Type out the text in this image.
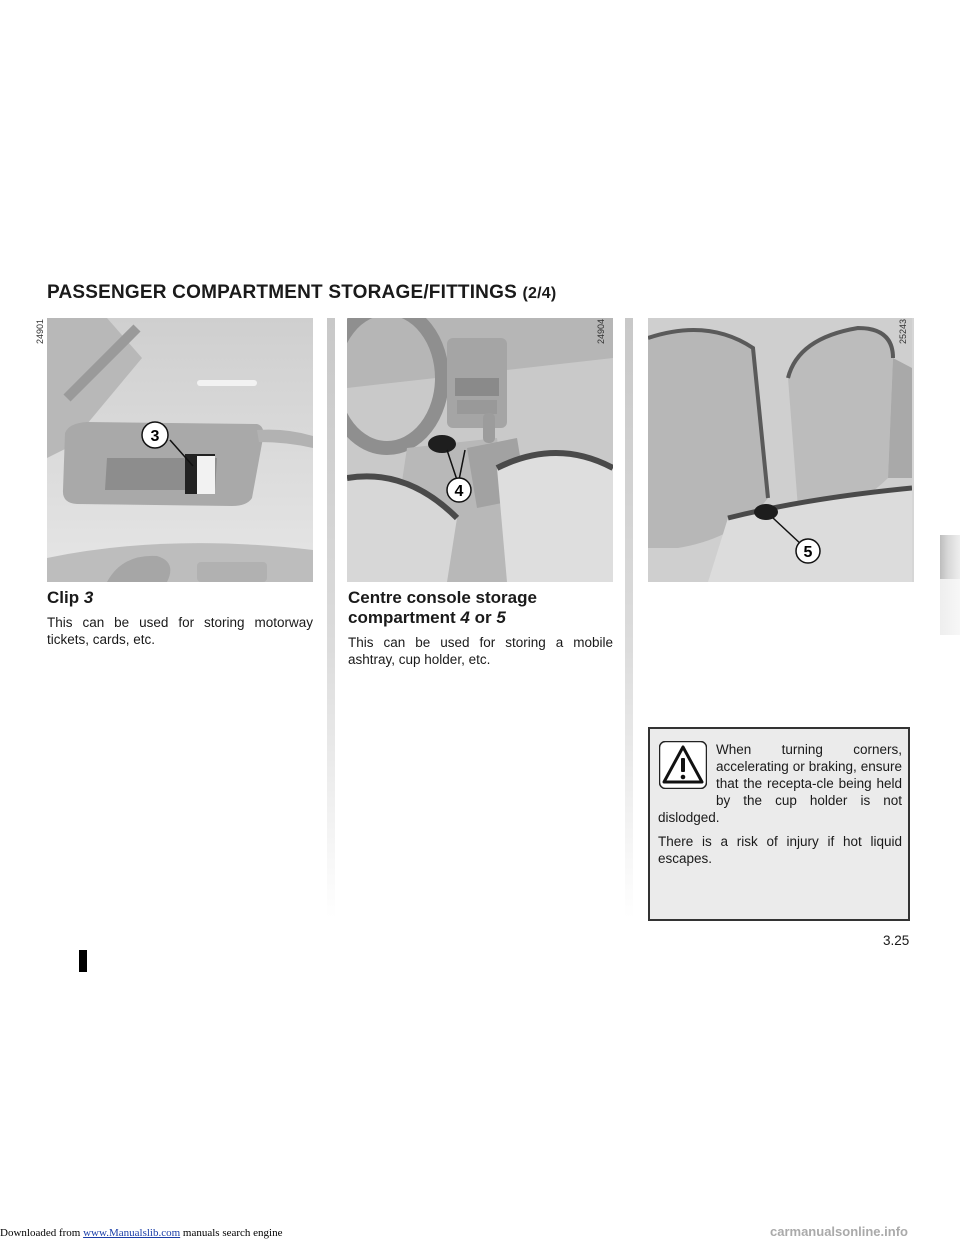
PASSENGER COMPARTMENT STORAGE/FITTINGS (2/4)
3
24901
4
24904
5
25243
Clip 3
This can be used for storing motorway tickets, cards, etc.
Centre console storage
compartment 4 or 5
This can be used for storing a mobile ashtray, cup holder, etc.
When turning corners, accelerating or braking, ensure that the recepta-cle being held by the cup holder is not dislodged.
There is a risk of injury if hot liquid escapes.
3.25
Downloaded from www.Manualslib.com manuals search engine	carmanualsonline.info
